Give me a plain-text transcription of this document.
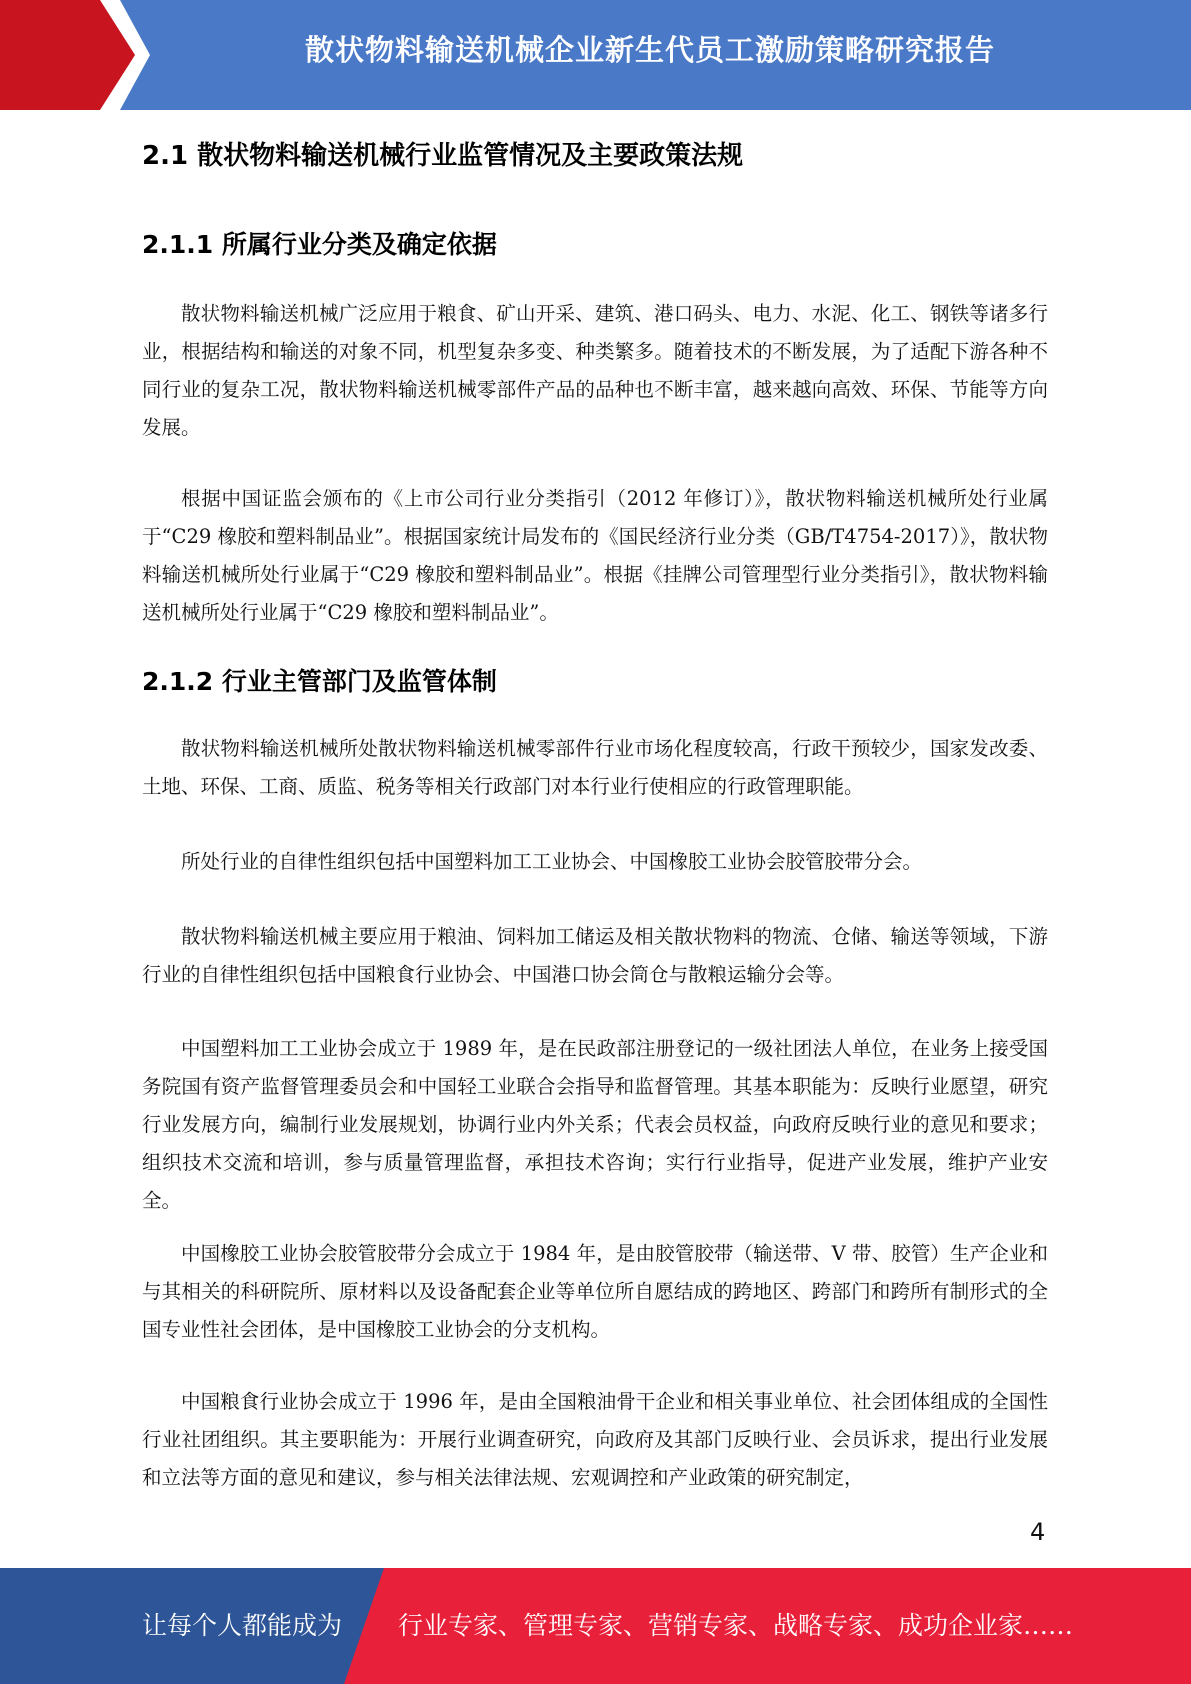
散状物料输送机械企业新生代员工激励策略研究报告
2.1 散状物料输送机械行业监管情况及主要政策法规
2.1.1 所属行业分类及确定依据

散状物料输送机械广泛应用于粮食、矿山开采、建筑、港口码头、电力、水泥、化工、钢铁等诸多行业，根据结构和输送的对象不同，机型复杂多变、种类繁多。随着技术的不断发展，为了适配下游各种不同行业的复杂工况，散状物料输送机械零部件产品的品种也不断丰富，越来越向高效、环保、节能等方向发展。

根据中国证监会颁布的《上市公司行业分类指引（2012 年修订）》，散状物料输送机械所处行业属于“C29 橡胶和塑料制品业”。根据国家统计局发布的《国民经济行业分类（GB/T4754-2017）》，散状物料输送机械所处行业属于“C29 橡胶和塑料制品业”。根据《挂牌公司管理型行业分类指引》，散状物料输送机械所处行业属于“C29 橡胶和塑料制品业”。

2.1.2 行业主管部门及监管体制

散状物料输送机械所处散状物料输送机械零部件行业市场化程度较高，行政干预较少，国家发改委、土地、环保、工商、质监、税务等相关行政部门对本行业行使相应的行政管理职能。

所处行业的自律性组织包括中国塑料加工工业协会、中国橡胶工业协会胶管胶带分会。

散状物料输送机械主要应用于粮油、饲料加工储运及相关散状物料的物流、仓储、输送等领域，下游行业的自律性组织包括中国粮食行业协会、中国港口协会筒仓与散粮运输分会等。

中国塑料加工工业协会成立于 1989 年，是在民政部注册登记的一级社团法人单位，在业务上接受国务院国有资产监督管理委员会和中国轻工业联合会指导和监督管理。其基本职能为：反映行业愿望，研究行业发展方向，编制行业发展规划，协调行业内外关系；代表会员权益，向政府反映行业的意见和要求；组织技术交流和培训，参与质量管理监督，承担技术咨询；实行行业指导，促进产业发展，维护产业安全。

中国橡胶工业协会胶管胶带分会成立于 1984 年，是由胶管胶带（输送带、V 带、胶管）生产企业和与其相关的科研院所、原材料以及设备配套企业等单位所自愿结成的跨地区、跨部门和跨所有制形式的全国专业性社会团体，是中国橡胶工业协会的分支机构。

中国粮食行业协会成立于 1996 年，是由全国粮油骨干企业和相关事业单位、社会团体组成的全国性行业社团组织。其主要职能为：开展行业调查研究，向政府及其部门反映行业、会员诉求，提出行业发展和立法等方面的意见和建议，参与相关法律法规、宏观调控和产业政策的研究制定，

4
让每个人都能成为 行业专家、管理专家、营销专家、战略专家、成功企业家……
